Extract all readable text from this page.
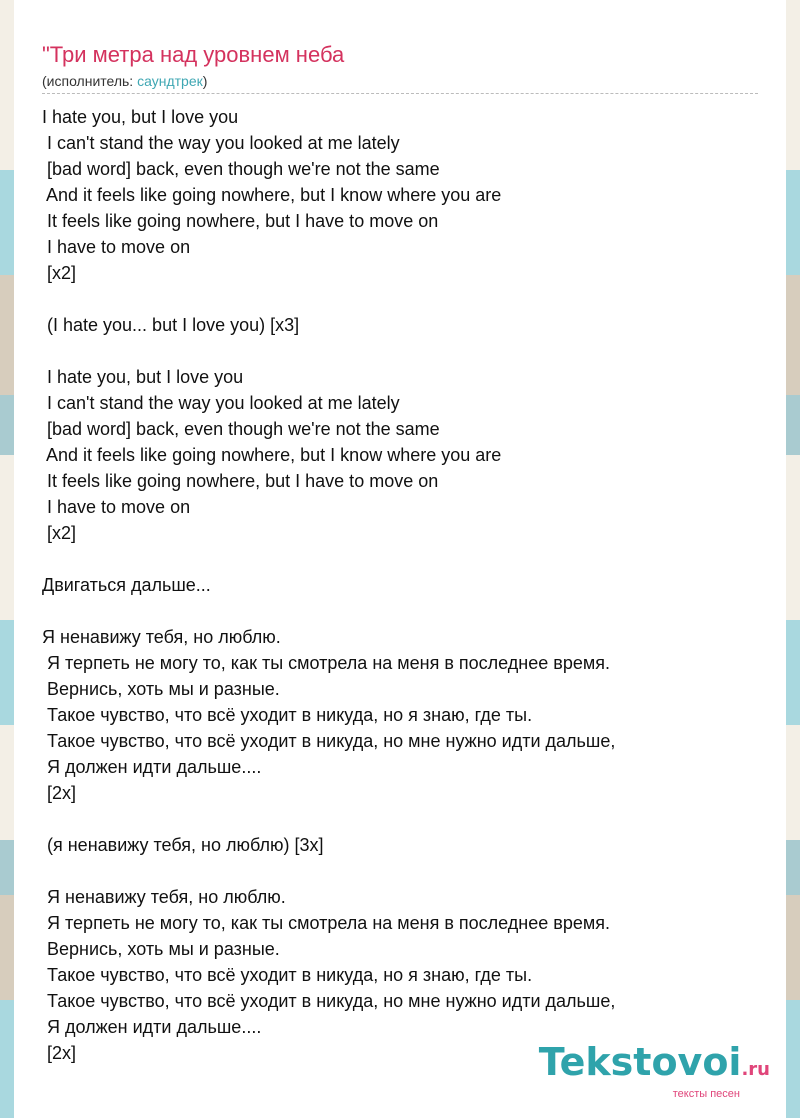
"Три метра над уровнем неба
(исполнитель: саундтрек)
I hate you, but I love you
I can't stand the way you looked at me lately
[bad word] back, even though we're not the same
And it feels like going nowhere, but I know where you are
It feels like going nowhere, but I have to move on
I have to move on
[x2]
(I hate you... but I love you) [x3]
I hate you, but I love you
I can't stand the way you looked at me lately
[bad word] back, even though we're not the same
And it feels like going nowhere, but I know where you are
It feels like going nowhere, but I have to move on
I have to move on
[x2]
Двигаться дальше...
Я ненавижу тебя, но люблю.
Я терпеть не могу то, как ты смотрела на меня в последнее время.
Вернись, хоть мы и разные.
Такое чувство, что всё уходит в никуда, но я знаю, где ты.
Такое чувство, что всё уходит в никуда, но мне нужно идти дальше,
Я должен идти дальше....
[2x]
(я ненавижу тебя, но люблю) [3x]
Я ненавижу тебя, но люблю.
Я терпеть не могу то, как ты смотрела на меня в последнее время.
Вернись, хоть мы и разные.
Такое чувство, что всё уходит в никуда, но я знаю, где ты.
Такое чувство, что всё уходит в никуда, но мне нужно идти дальше,
Я должен идти дальше....
[2x]	Tekstovoi.ru
тексты песен
